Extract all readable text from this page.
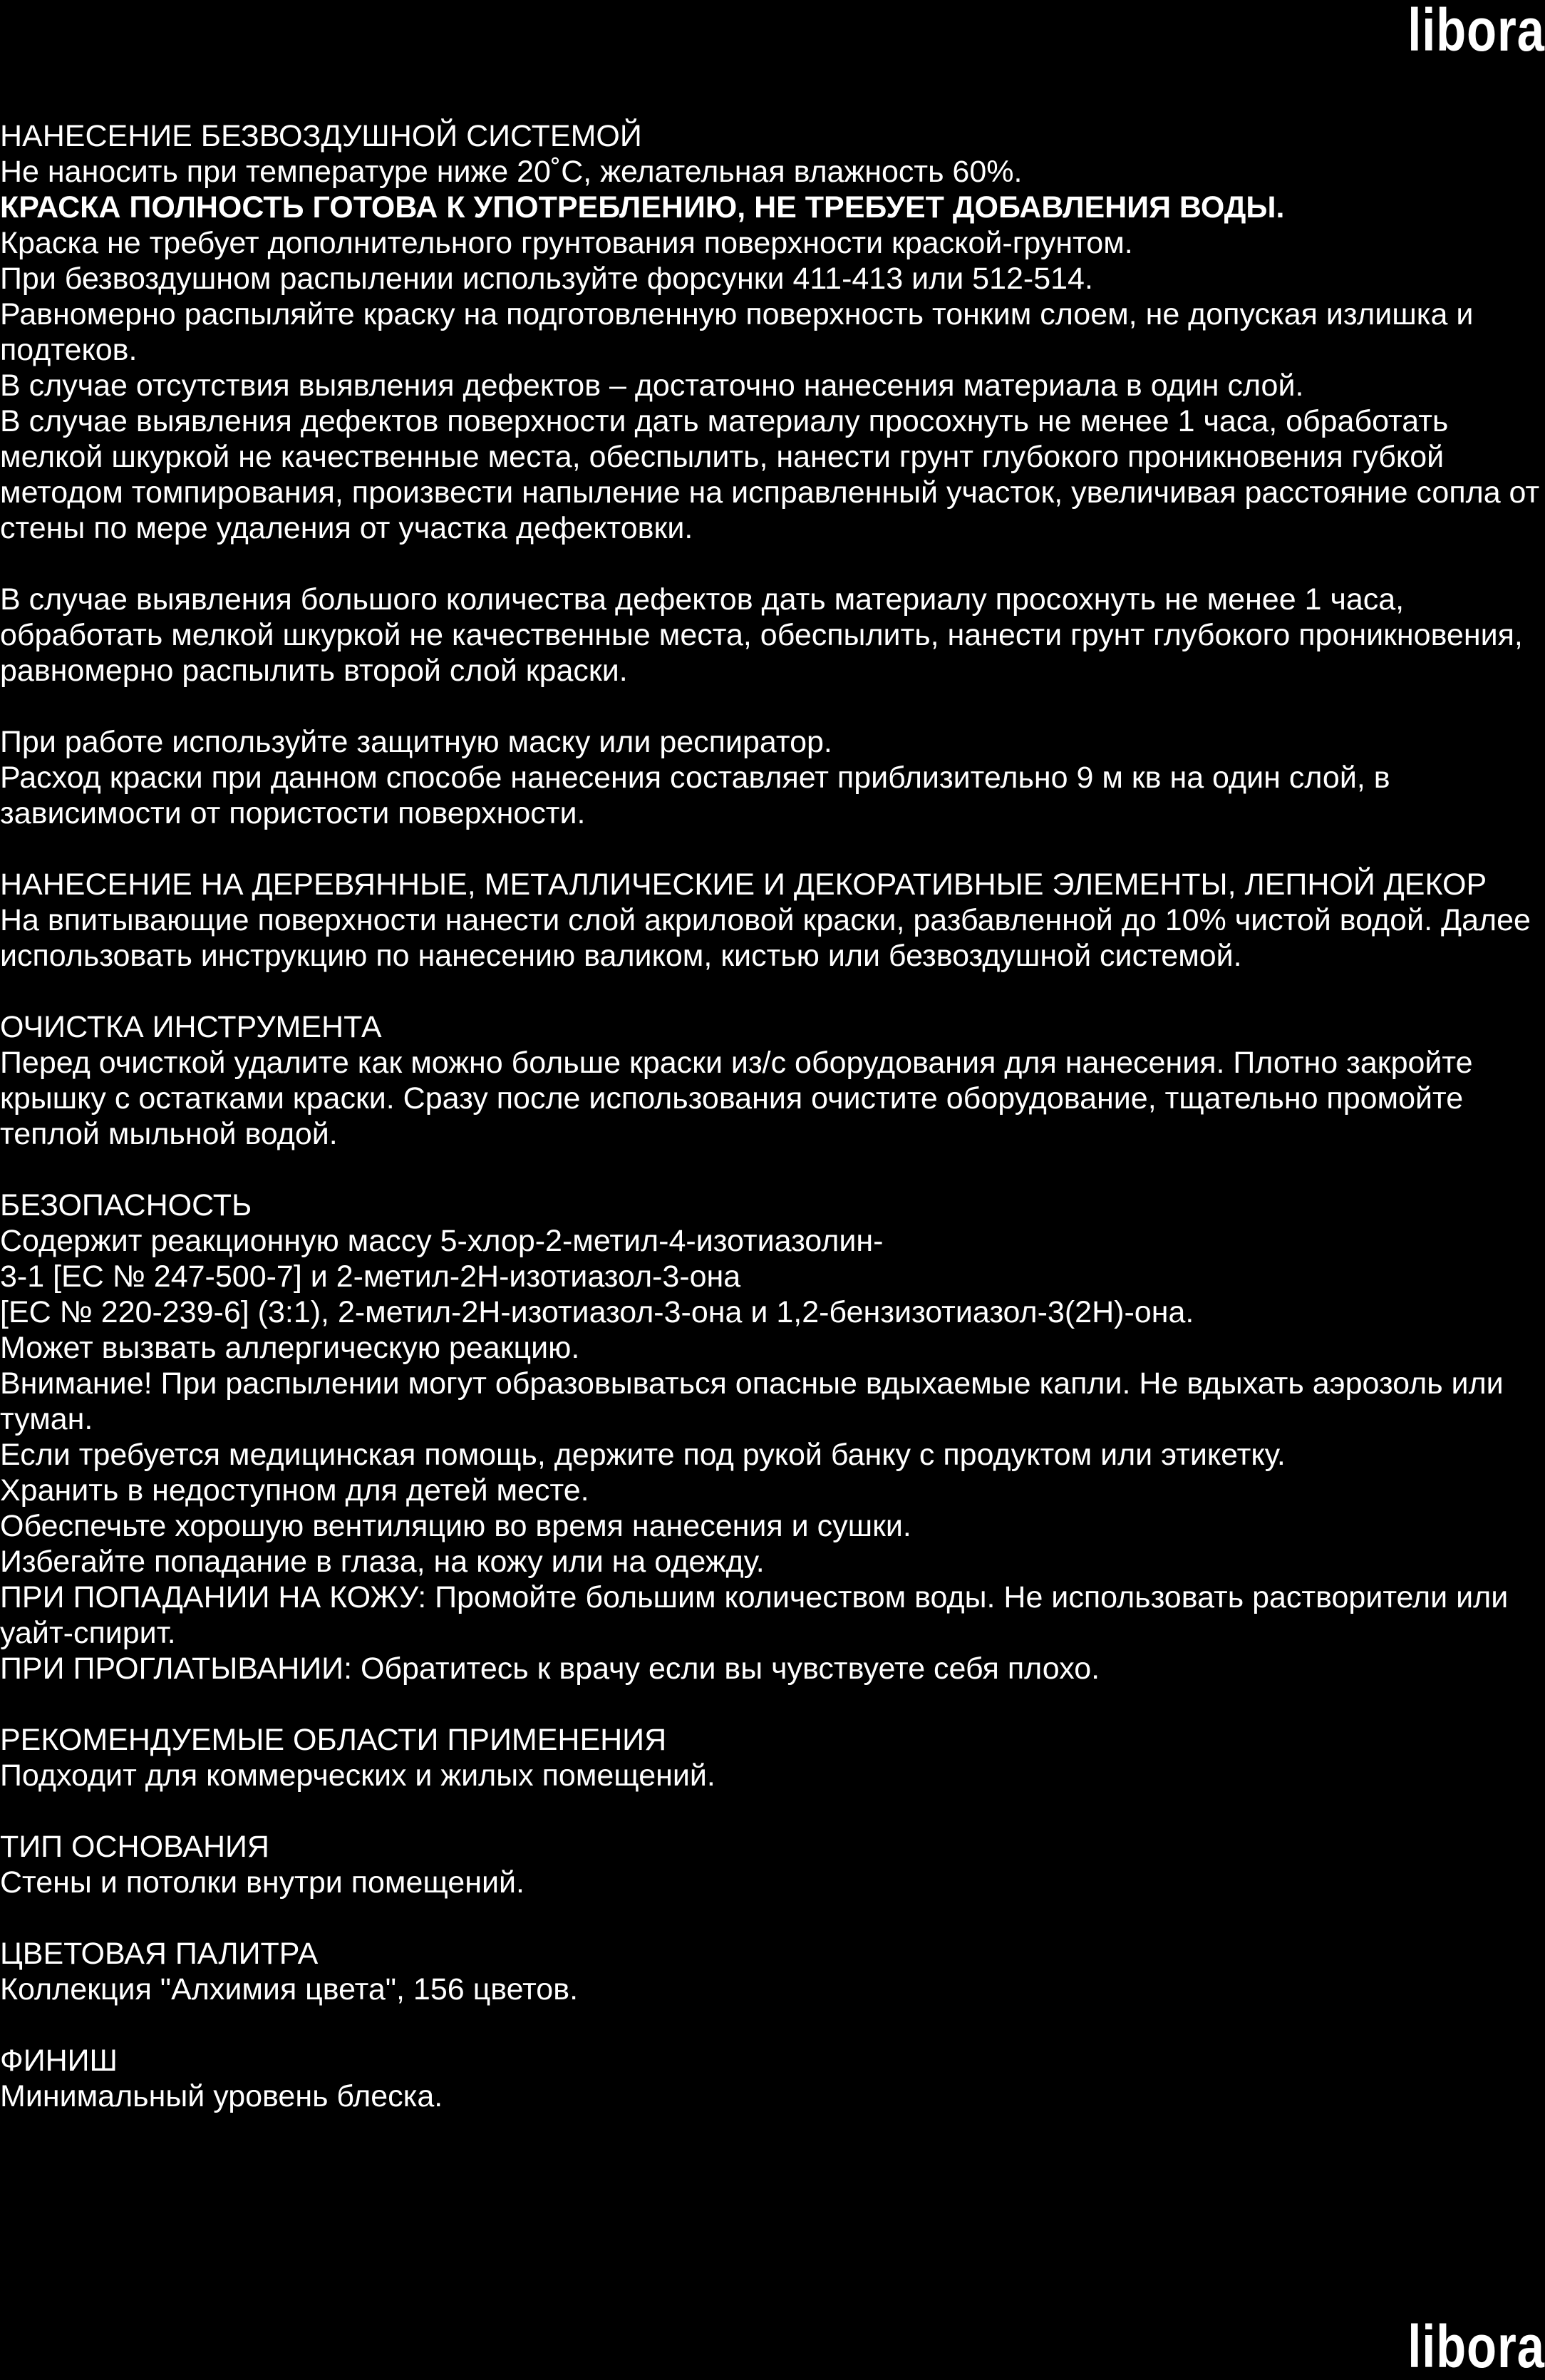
libora

НАНЕСЕНИЕ БЕЗВОЗДУШНОЙ СИСТЕМОЙ

Не наносить при температуре ниже 20˚С, желательная влажность 60%.

КРАСКА ПОЛНОСТЬ ГОТОВА К УПОТРЕБЛЕНИЮ, НЕ ТРЕБУЕТ ДОБАВЛЕНИЯ ВОДЫ.

Краска не требует дополнительного грунтования поверхности краской-грунтом.

При безвоздушном распылении используйте форсунки 411-413 или 512-514.

Равномерно распыляйте краску на подготовленную поверхность тонким слоем, не допуская излишка и подтеков.

В случае отсутствия выявления дефектов – достаточно нанесения материала в один слой.

В случае выявления дефектов поверхности дать материалу просохнуть не менее 1 часа, обработать мелкой шкуркой не качественные места, обеспылить, нанести грунт глубокого проникновения губкой методом томпирования, произвести напыление на исправленный участок, увеличивая расстояние сопла от стены по мере удаления от участка дефектовки.

В случае выявления большого количества дефектов дать материалу просохнуть не менее 1 часа, обработать мелкой шкуркой не качественные места, обеспылить, нанести грунт глубокого проникновения, равномерно распылить второй слой краски.

При работе используйте защитную маску или респиратор.

Расход краски при данном способе нанесения составляет приблизительно 9 м кв на один слой, в зависимости от пористости поверхности.

НАНЕСЕНИЕ НА ДЕРЕВЯННЫЕ, МЕТАЛЛИЧЕСКИЕ И ДЕКОРАТИВНЫЕ ЭЛЕМЕНТЫ, ЛЕПНОЙ ДЕКОР

На впитывающие поверхности нанести слой акриловой краски, разбавленной до 10% чистой водой. Далее использовать инструкцию по нанесению валиком, кистью или безвоздушной системой.

ОЧИСТКА ИНСТРУМЕНТА

Перед очисткой удалите как можно больше краски из/с оборудования для нанесения. Плотно закройте крышку с остатками краски. Сразу после использования очистите оборудование, тщательно промойте теплой мыльной водой.

БЕЗОПАСНОСТЬ

Содержит реакционную массу 5-хлор-2-метил-4-изотиазолин-

3-1 [ЕС № 247-500-7] и 2-метил-2Н-изотиазол-3-она

[ЕС № 220-239-6] (3:1), 2-метил-2Н-изотиазол-3-она и 1,2-бензизотиазол-3(2Н)-она.

Может вызвать аллергическую реакцию.

Внимание! При распылении могут образовываться опасные вдыхаемые капли. Не вдыхать аэрозоль или туман.

Если требуется медицинская помощь, держите под рукой банку с продуктом или этикетку.

Хранить в недоступном для детей месте.

Обеспечьте хорошую вентиляцию во время нанесения и сушки.

Избегайте попадание в глаза, на кожу или на одежду.

ПРИ ПОПАДАНИИ НА КОЖУ: Промойте большим количеством воды. Не использовать растворители или уайт-спирит.

ПРИ ПРОГЛАТЫВАНИИ: Обратитесь к врачу если вы чувствуете себя плохо.

РЕКОМЕНДУЕМЫЕ ОБЛАСТИ ПРИМЕНЕНИЯ

Подходит для коммерческих и жилых помещений.

ТИП ОСНОВАНИЯ

Стены и потолки внутри помещений.

ЦВЕТОВАЯ ПАЛИТРА

Коллекция "Алхимия цвета", 156 цветов.

ФИНИШ

Минимальный уровень блеска.

libora
